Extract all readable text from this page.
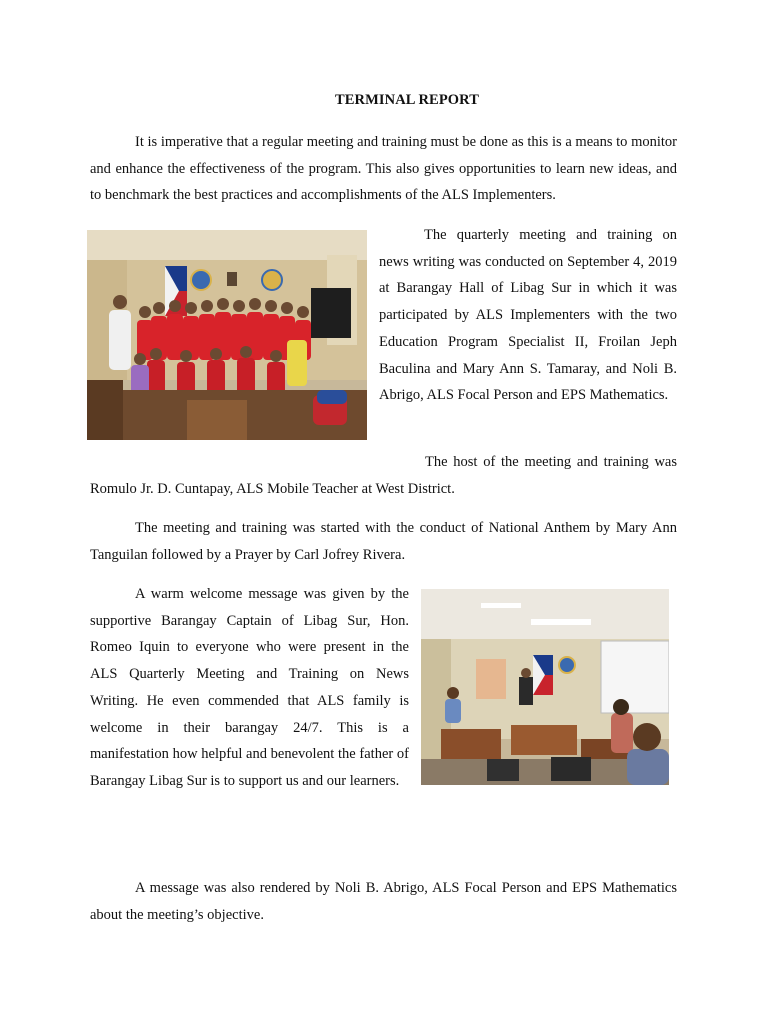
TERMINAL REPORT

It is imperative that a regular meeting and training must be done as this is a means to monitor and enhance the effectiveness of the program. This also gives opportunities to learn new ideas, and to benchmark the best practices and accomplishments of the ALS Implementers.

The quarterly meeting and training on news writing was conducted on September 4, 2019 at Barangay Hall of Libag Sur in which it was participated by ALS Implementers with the two Education Program Specialist II, Froilan Jeph Baculina and Mary Ann S. Tamaray, and Noli B. Abrigo, ALS Focal Person and EPS Mathematics.

The host of the meeting and training was Romulo Jr. D. Cuntapay, ALS Mobile Teacher at West District.

The meeting and training was started with the conduct of National Anthem by Mary Ann Tanguilan followed by a Prayer by Carl Jofrey Rivera.

A warm welcome message was given by the supportive Barangay Captain of Libag Sur, Hon. Romeo Iquin to everyone who were present in the ALS Quarterly Meeting and Training on News Writing. He even commended that ALS family is welcome in their barangay 24/7. This is a manifestation how helpful and benevolent the father of Barangay Libag Sur is to support us and our learners.

A message was also rendered by Noli B. Abrigo, ALS Focal Person and EPS Mathematics about the meeting’s objective.
